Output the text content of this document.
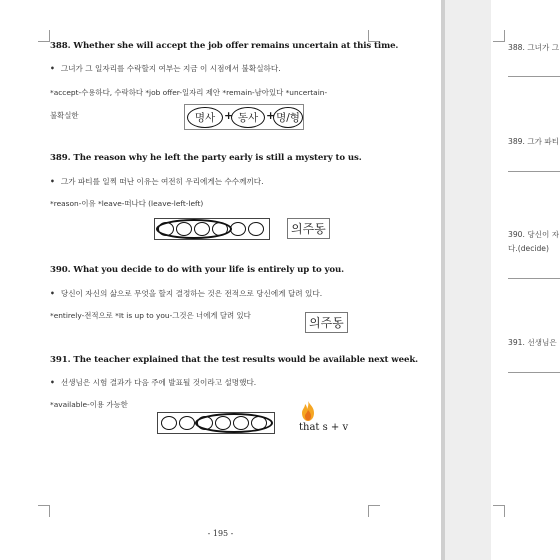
388. Whether she will accept the job offer remains uncertain at this time.
• 그녀가 그 일자리를 수락할지 여부는 지금 이 시점에서 불확실하다.
*accept-수용하다, 수락하다 *job offer-일자리 제안 *remain-남아있다 *uncertain-
불확실한	명사 + 동사 + 명/형
389. The reason why he left the party early is still a mystery to us.
• 그가 파티를 일찍 떠난 이유는 여전히 우리에게는 수수께끼다.
*reason-이유 *leave-떠나다 (leave-left-left)
의주동
390. What you decide to do with your life is entirely up to you.
• 당신이 자신의 삶으로 무엇을 할지 결정하는 것은 전적으로 당신에게 달려 있다.
*entirely-전적으로 *It is up to you-그것은 너에게 달려 있다
의주동
391. The teacher explained that the test results would be available next week.
• 선생님은 시험 결과가 다음 주에 발표될 것이라고 설명했다.
*available-이용 가능한
that s + v
- 195 -
388. 그녀가 그
389. 그가 파티
390. 당신이 자
다.(decide)
391. 선생님은
